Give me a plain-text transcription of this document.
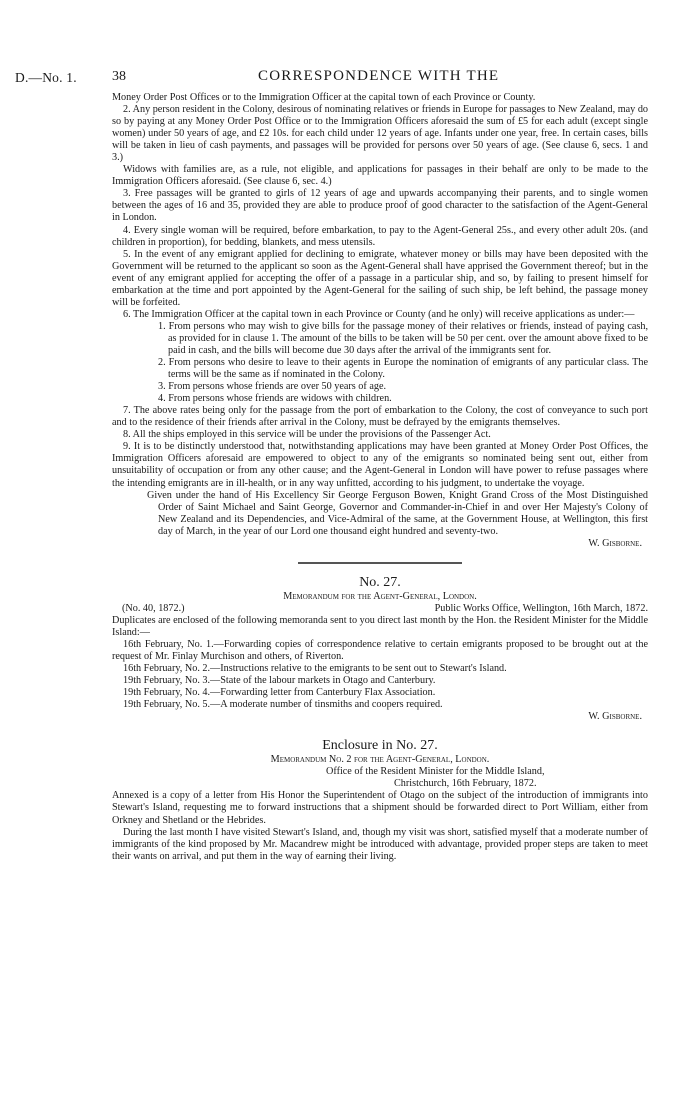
D.—No. 1.	38	CORRESPONDENCE WITH THE

Money Order Post Offices or to the Immigration Officer at the capital town of each Province or County.

2. Any person resident in the Colony, desirous of nominating relatives or friends in Europe for passages to New Zealand, may do so by paying at any Money Order Post Office or to the Immigration Officers aforesaid the sum of £5 for each adult (except single women) under 50 years of age, and £2 10s. for each child under 12 years of age. Infants under one year, free. In certain cases, bills will be taken in lieu of cash payments, and passages will be provided for persons over 50 years of age. (See clause 6, secs. 1 and 3.)

Widows with families are, as a rule, not eligible, and applications for passages in their behalf are only to be made to the Immigration Officers aforesaid. (See clause 6, sec. 4.)

3. Free passages will be granted to girls of 12 years of age and upwards accompanying their parents, and to single women between the ages of 16 and 35, provided they are able to produce proof of good character to the satisfaction of the Agent-General in London.

4. Every single woman will be required, before embarkation, to pay to the Agent-General 25s., and every other adult 20s. (and children in proportion), for bedding, blankets, and mess utensils.

5. In the event of any emigrant applied for declining to emigrate, whatever money or bills may have been deposited with the Government will be returned to the applicant so soon as the Agent-General shall have apprised the Government thereof; but in the event of any emigrant applied for accepting the offer of a passage in a particular ship, and so, by failing to present himself for embarkation at the time and port appointed by the Agent-General for the sailing of such ship, be left behind, the passage money will be forfeited.

6. The Immigration Officer at the capital town in each Province or County (and he only) will receive applications as under:—

1. From persons who may wish to give bills for the passage money of their relatives or friends, instead of paying cash, as provided for in clause 1. The amount of the bills to be taken will be 50 per cent. over the amount above fixed to be paid in cash, and the bills will become due 30 days after the arrival of the immigrants sent for.

2. From persons who desire to leave to their agents in Europe the nomination of emigrants of any particular class. The terms will be the same as if nominated in the Colony.

3. From persons whose friends are over 50 years of age.

4. From persons whose friends are widows with children.

7. The above rates being only for the passage from the port of embarkation to the Colony, the cost of conveyance to such port and to the residence of their friends after arrival in the Colony, must be defrayed by the emigrants themselves.

8. All the ships employed in this service will be under the provisions of the Passenger Act.

9. It is to be distinctly understood that, notwithstanding applications may have been granted at Money Order Post Offices, the Immigration Officers aforesaid are empowered to object to any of the emigrants so nominated being sent out, either from unsuitability of occupation or from any other cause; and the Agent-General in London will have power to refuse passages where the intending emigrants are in ill-health, or in any way unfitted, according to his judgment, to undertake the voyage.

Given under the hand of His Excellency Sir George Ferguson Bowen, Knight Grand Cross of the Most Distinguished Order of Saint Michael and Saint George, Governor and Commander-in-Chief in and over Her Majesty's Colony of New Zealand and its Dependencies, and Vice-Admiral of the same, at the Government House, at Wellington, this first day of March, in the year of our Lord one thousand eight hundred and seventy-two.

W. Gisborne.

No. 27.

Memorandum for the Agent-General, London.

(No. 40, 1872.)	Public Works Office, Wellington, 16th March, 1872.

Duplicates are enclosed of the following memoranda sent to you direct last month by the Hon. the Resident Minister for the Middle Island:—

16th February, No. 1.—Forwarding copies of correspondence relative to certain emigrants proposed to be brought out at the request of Mr. Finlay Murchison and others, of Riverton.

16th February, No. 2.—Instructions relative to the emigrants to be sent out to Stewart's Island.

19th February, No. 3.—State of the labour markets in Otago and Canterbury.

19th February, No. 4.—Forwarding letter from Canterbury Flax Association.

19th February, No. 5.—A moderate number of tinsmiths and coopers required.

W. Gisborne.

Enclosure in No. 27.

Memorandum No. 2 for the Agent-General, London.

Office of the Resident Minister for the Middle Island,

Christchurch, 16th February, 1872.

Annexed is a copy of a letter from His Honor the Superintendent of Otago on the subject of the introduction of immigrants into Stewart's Island, requesting me to forward instructions that a shipment should be forwarded direct to Port William, either from Orkney and Shetland or the Hebrides.

During the last month I have visited Stewart's Island, and, though my visit was short, satisfied myself that a moderate number of immigrants of the kind proposed by Mr. Macandrew might be introduced with advantage, provided proper steps are taken to meet their wants on arrival, and put them in the way of earning their living.
